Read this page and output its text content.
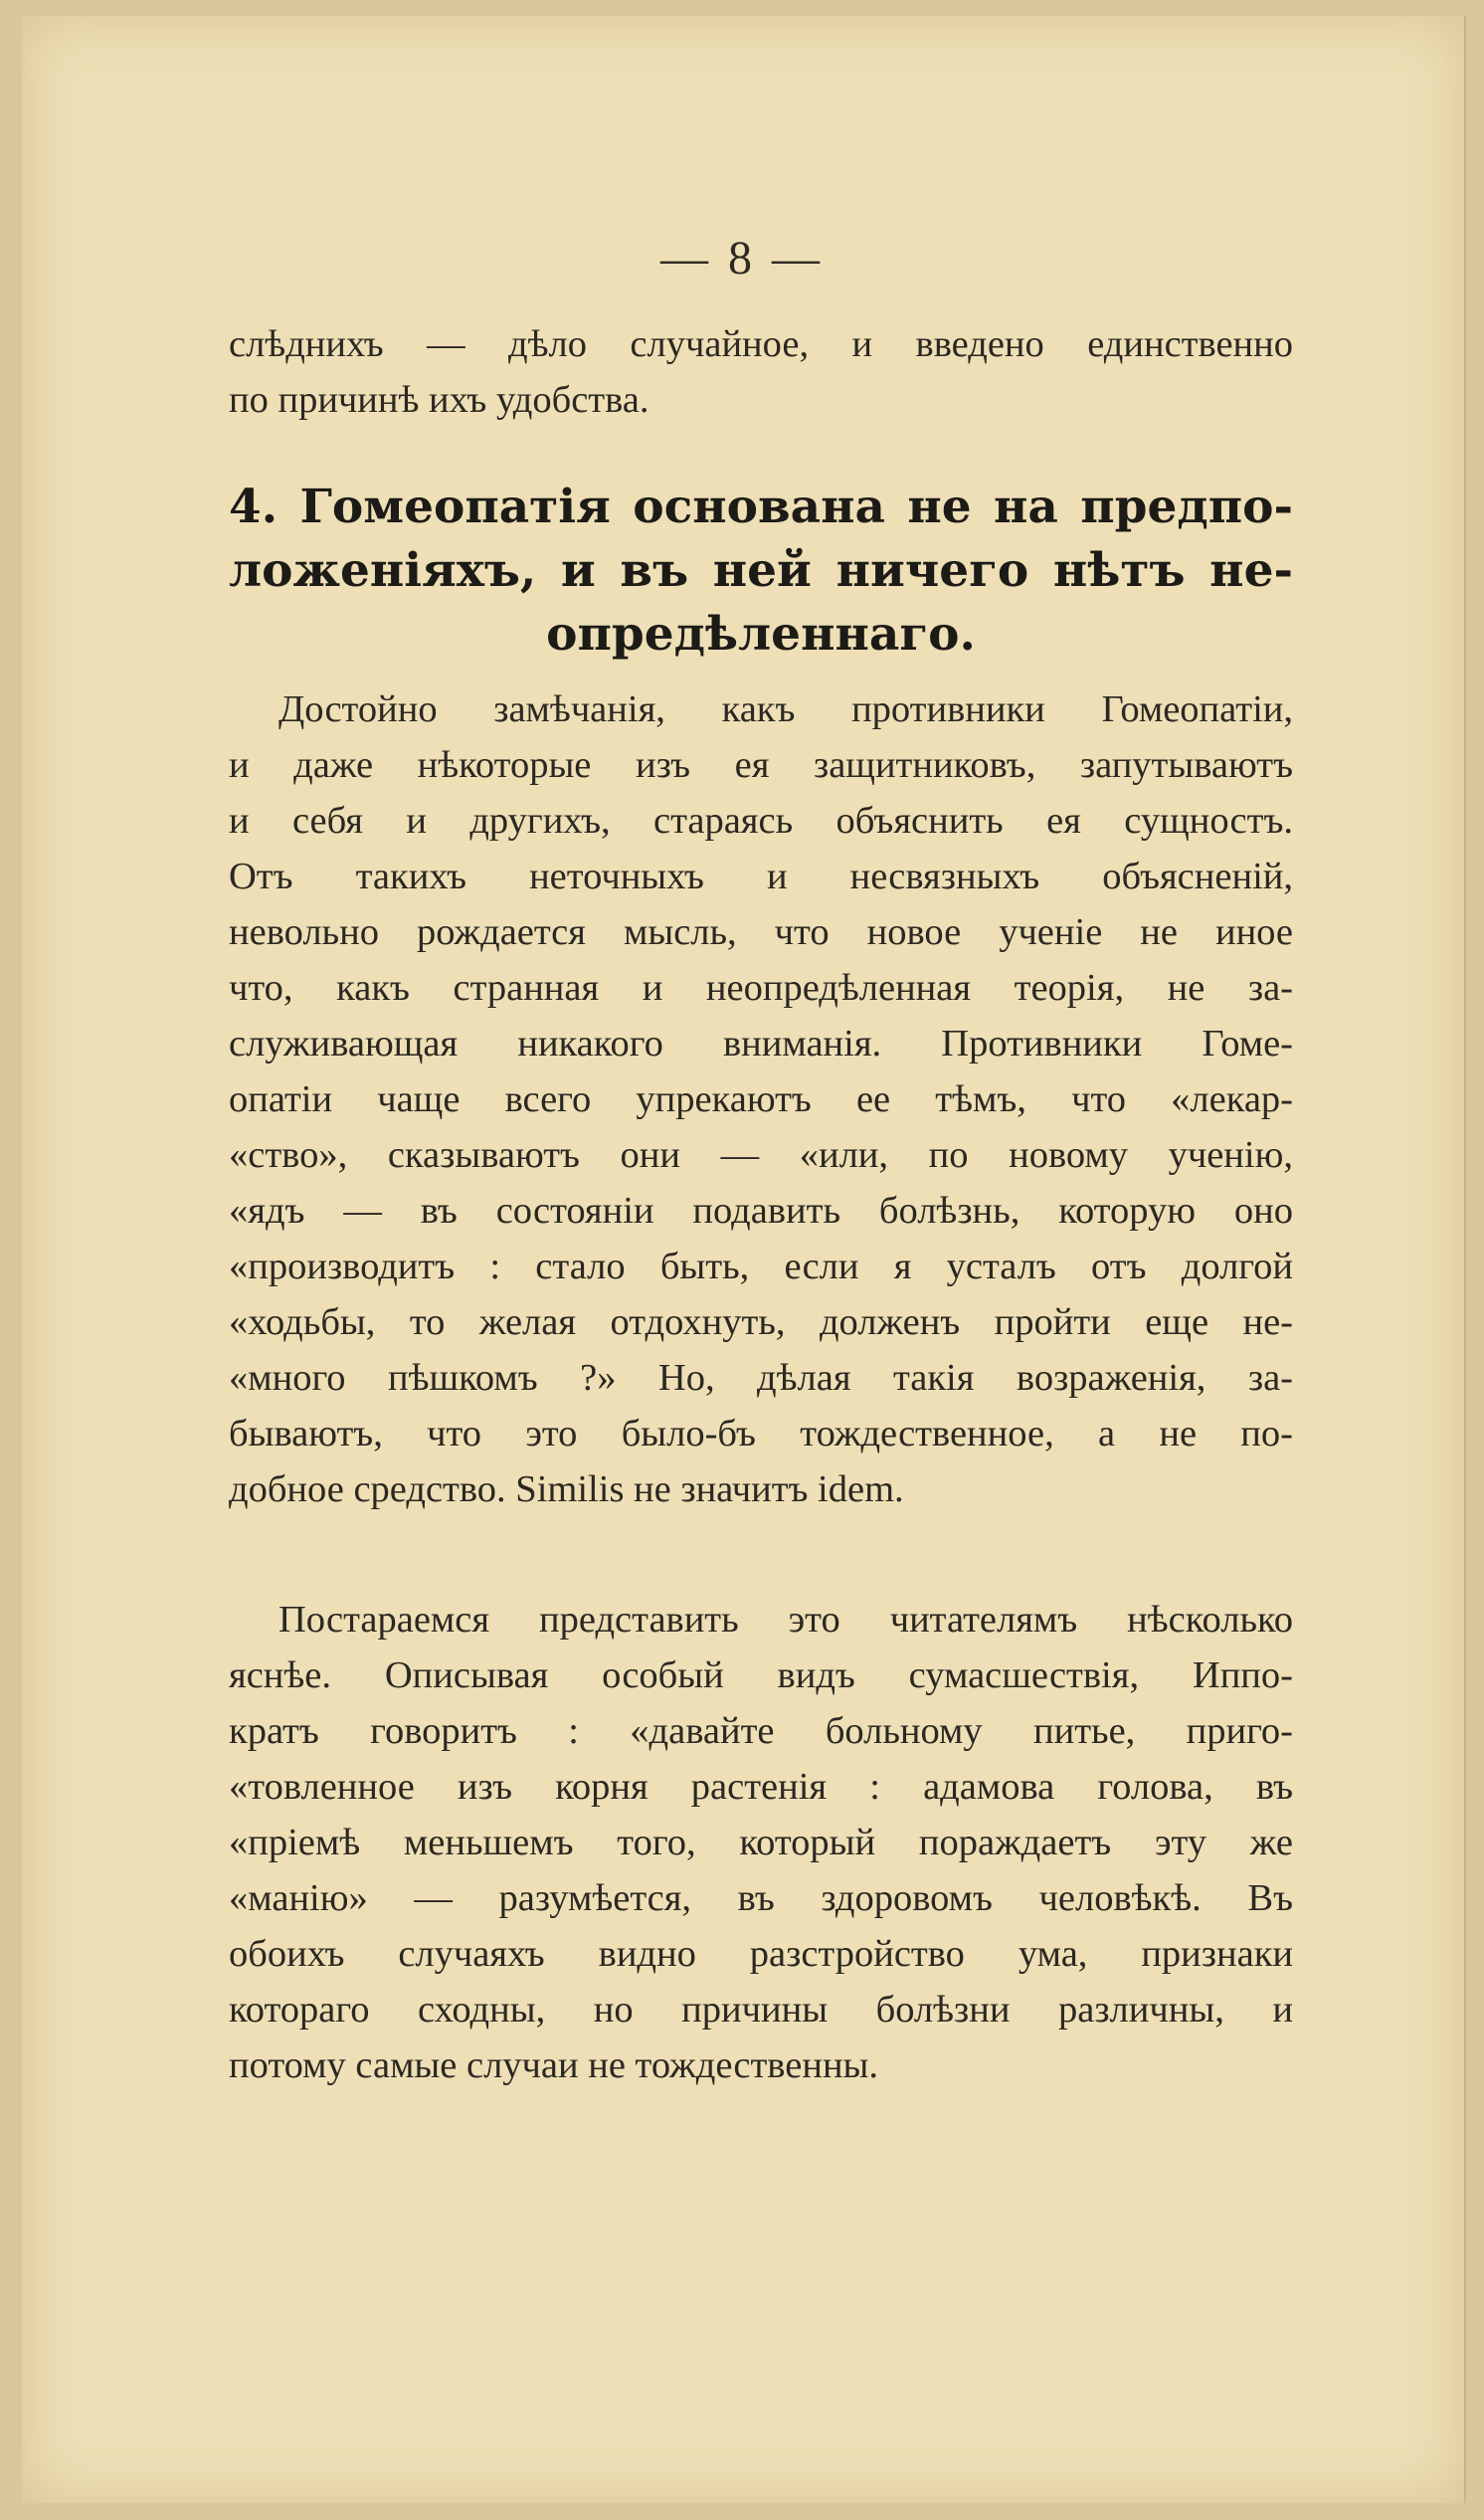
— 8 —
слѣднихъ — дѣло случайное, и введено единственно
по причинѣ ихъ удобства.
4. Гомеопатія основана не на предпо-
ложеніяхъ, и въ ней ничего нѣтъ не-
опредѣленнаго.
Достойно замѣчанія, какъ противники Гомеопатіи,
и даже нѣкоторые изъ ея защитниковъ, запутываютъ
и себя и другихъ, стараясь объяснить ея сущностъ.
Отъ такихъ неточныхъ и несвязныхъ объясненій,
невольно рождается мысль, что новое ученіе не иное
что, какъ странная и неопредѣленная теорія, не за-
служивающая никакого вниманія. Противники Гоме-
опатіи чаще всего упрекаютъ ее тѣмъ, что «лекар-
«ство», сказываютъ они — «или, по новому ученію,
«ядъ — въ состояніи подавить болѣзнь, которую оно
«производитъ : стало быть, если я усталъ отъ долгой
«ходьбы, то желая отдохнуть, долженъ пройти еще не-
«много пѣшкомъ ?» Но, дѣлая такія возраженія, за-
бываютъ, что это было-бъ тождественное, а не по-
добное средство. Similis не значитъ idem.
Постараемся представить это читателямъ нѣсколько
яснѣе. Описывая особый видъ сумасшествія, Иппо-
кратъ говоритъ : «давайте больному питье, приго-
«товленное изъ корня растенія : адамова голова, въ
«пріемѣ меньшемъ того, который пораждаетъ эту же
«манію» — разумѣется, въ здоровомъ человѣкѣ. Въ
обоихъ случаяхъ видно разстройство ума, признаки
котораго сходны, но причины болѣзни различны, и
потому самые случаи не тождественны.
